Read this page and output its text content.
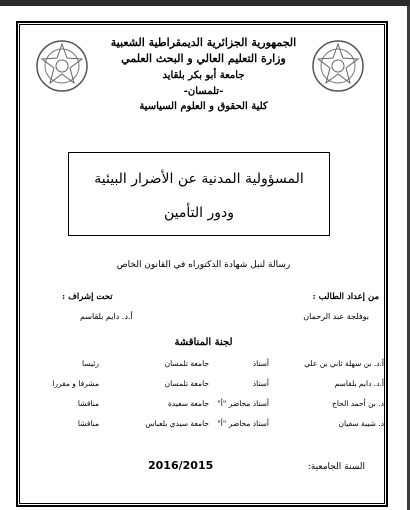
الجمهورية الجزائرية الديمقراطية الشعبية
وزارة التعليم العالي و البحث العلمي
جامعة أبو بكر بلقايد
-تلمسان-
كلية الحقوق و العلوم السياسية
المسؤولية المدنية عن الأضرار البيئية
ودور التأمين
رسالة لنيل شهادة الدكتوراه في القانون الخاص
من إعداد الطالب :
بوفلجة عبد الرحمان
تحت إشراف :
أ.د. دايم بلقاسم
لجنة المناقشة
أ.د. بن سهلة ثاني بن علي
أستاذ
جامعة تلمسان
رئيسا
أ.د. دايم بلقاسم
أستاذ
جامعة تلمسان
مشرفا و مقررا
د. بن أحمد الحاج
أستاذ محاضر "أ"
جامعة سعيدة
مناقشا
د. شيبة سفيان
أستاذ محاضر "أ"
جامعة سيدي بلعباس
مناقشا
السنة الجامعية:
2016/2015
